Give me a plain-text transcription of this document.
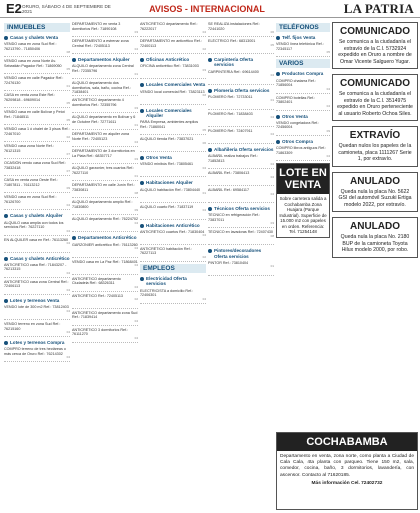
E2 ORURO, SÁBADO 4 DE SEPTIEMBRE DE 2021	AVISOS - INTERNACIONAL	LA PATRIA
INMUEBLES
Casas y chalets Venta
VENDO casa en zona Sud Ref.: 76213790 - 71850406
08
VENDO casa en zona Norte Av. Sebastián Pagador Ref.: 71869050
05
VENDO casa en calle Pagador Ref.: 72476130
01
CASA en venta zona Este Ref.: 76209818 - 69609014
05
VENDO casa en calle Bolívar y Petot Ref.: 71848511
05
VENDO casa 1 ó chalet de 3 pisos Ref.: 72467010
02
VENDO casa zona Norte Ref.: 76121315
07
OCASIÓN vendo casa zona Sud Ref.: 73832418
07
CASA en venta zona Oeste Ref.: 71807811 - 76113212
09
VENDO casa en zona Sud Ref.: 76126700
04
Casas y chalets Alquiler
ALQUILO casa amplia con todos los servicios Ref.: 76227110
04
EN ALQUILER casa en Ref.: 76113260
04
Casas y chalets Anticrético
ANTICRÉTICO casa Ref.: 71843207 - 76213315
04
ANTICRÉTICO casa zona Central Ref.: 72406113
04
Lotes y terrenos Venta
VENDO lote de 300 m2 Ref.: 73812403
04
VENDO terreno en zona Sud Ref.: 76215160
04
Lotes y terrenos Compra
COMPRO terreno de tres hectáreas o más cerca de Oruro Ref.: 76214302
04
DEPARTAMENTO en venta 3 dormitorios Ref.: 71890108
03
DEPARTAMENTO a estrenar zona Central Ref.: 72405113
04
Departamentos Alquiler
ALQUILO departamento zona Central Ref.: 72355796
01
ALQUILO departamento dos dormitorios, sala, baño, cocina Ref.: 71838401
05
ANTICRÉTICO departamento 4 dormitorios Ref.: 72355796
03
ALQUILO departamento en Bolívar y 6 de Octubre Ref.: 72771611
01
DEPARTAMENTO en alquiler zona Norte Ref.: 72405123
04
DEPARTAMENTO de 3 dormitorios en La Plata Ref.: 68357717
03
ALQUILO garzonier, tres cuartos Ref.: 76227110
01
DEPARTAMENTO en calle Junín Ref.: 73830811
08
ALQUILO departamento amplio Ref.: 71830800
09
ALQUILO departamento Ref.: 76224702
04
Departamentos Anticrético
GARZONIER anticrético Ref.: 76113260
04
VENDO casa en La Paz Ref.: 71868401
04
ANTICRÉTICO departamento Ciudadela Ref.: 68326311
04
ANTICRÉTICO Ref.: 72405113
02
ANTICRÉTICO departamento zona Sud Ref.: 71839414
04
ANTICRÉTICO 3 dormitorios Ref.: 76111270
04
ANTICRÉTICO departamento Ref.: 76222017
04
DEPARTAMENTO en anticrético Ref.: 72400113
02
Oficinas Anticrético
OFICINA anticrético Ref.: 73831003
03
Locales Comerciales Venta
VENDO local comercial Ref.: 73823113
02
Locales Comerciales Alquiler
PARA Empresa, ambientes amplios Ref.: 71860041
05
ALQUILO tienda Ref.: 73837021
06
Otros Venta
VENDO minibús Ref.: 73805461
04
Habitaciones Alquiler
ALQUILO habitación Ref.: 73804440
01
ALQUILO cuarto Ref.: 71837119
04
Habitaciones Anticrético
ANTICRÉTICO cuartos Ref.: 71830404
04
ANTICRÉTICO habitación Ref.: 76227113
02
EMPLEOS
Electricidad Oferta servicios
ELECTRICISTA a domicilio Ref.: 72406301
04
SE REALIZA instalaciones Ref.: 72441020
06
ELÉCTRICO Ref.: 68313001
05
Carpintería Oferta servicios
CARPINTERÍA Ref.: 69614400
04
Plomería Oferta servicios
PLOMERO Ref.: 72733011
01
PLOMERO Ref.: 71838403
04
PLOMERO Ref.: 72407911
04
Albañilería Oferta servicios
ALBAÑIL realiza trabajos Ref.: 71852813
04
ALBAÑIL Ref.: 73806413
04
ALBAÑIL Ref.: 69584117
04
Técnicos Oferta servicios
TÉCNICO en refrigeración Ref.: 73837011
03
TÉCNICO en lavadoras Ref.: 72407430
08
Pintores/decoradores Oferta servicios
PINTOR Ref.: 73810404
01
TELÉFONOS
Telf. fijos Venta
VENDO línea telefónica Ref.: 72345117
05
VARIOS
Productos Compra
COMPRO chatarra Ref.: 71856004
04
COMPRO botellas Ref.: 73802401
04
Otros Venta
VENDO congeladora Ref.: 72456004
09
Otros Compra
COMPRO libros antiguos Ref.: 71863309
04
LOTE EN VENTA
Sobre carretera salida a Cochabamba Zona Huajara (Parque Industrial). Superficie de 15.000 m2 con papeles en orden. Referencia: Tel. 71254148
COMUNICADO
Se comunica a la ciudadanía el extravío de la C.I. 5732924 expedido en Oruro a nombre de Omar Vicente Salguero Yugar.
COMUNICADO
Se comunica a la ciudadanía el extravío de la C.I. 3514975 expedido en Oruro perteneciente al usuario Roberto Ochoa Siles.
EXTRAVÍO
Quedan nulos los papeles de la camioneta, placa 1111267 Serie 1, por extravío.
ANULADO
Queda nula la placa No. 5622 GSI del automóvil Suzuki Ertiga modelo 2022, por extravío.
ANULADO
Queda nula la placa No. 2180 BUP de la camioneta Toyota Hilux modelo 2000, por robo.
COCHABAMBA
Departamento en venta, zona norte, como planta a Ciudad de Cala Cala, 4ta planta con parqueo. Tiene 150 m2, sala, comedor, cocina, baño, 3 dormitorios, lavandería, con ascensor. Contacto al 71620185.
Más información Cel. 72402732
